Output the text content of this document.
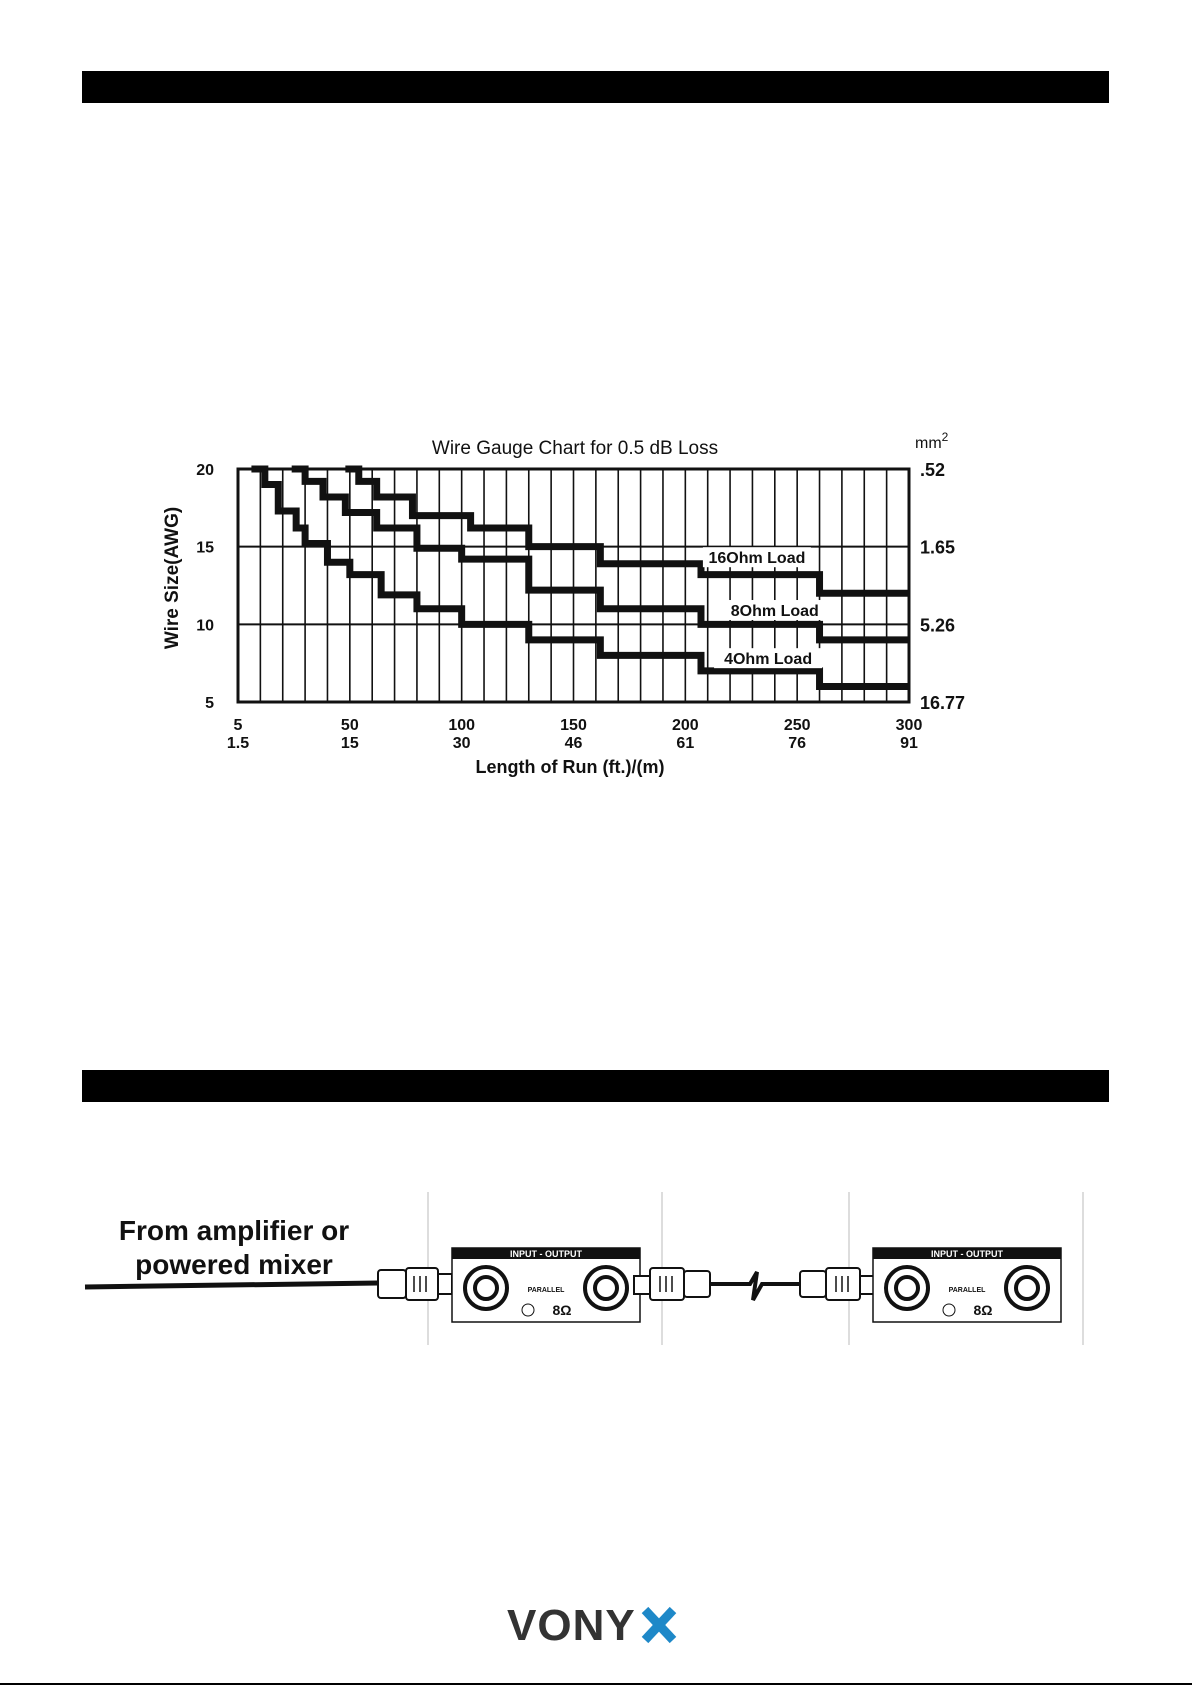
Wire Gauge Chart for 0.5 dB Loss	$mm^2$
Wire Size(AWG)
Length of Run (ft.)/(m)
20
15
10
5
.52
1.65
5.26
16.77
5
1.5
50
15
100
30
150
46
200
61
250
76
300
91
16Ohm Load
8Ohm Load
4Ohm Load
From amplifier or
powered mixer	INPUT - OUTPUT
PARALLEL
8Ω
INPUT - OUTPUT
PARALLEL
8Ω
VONY
